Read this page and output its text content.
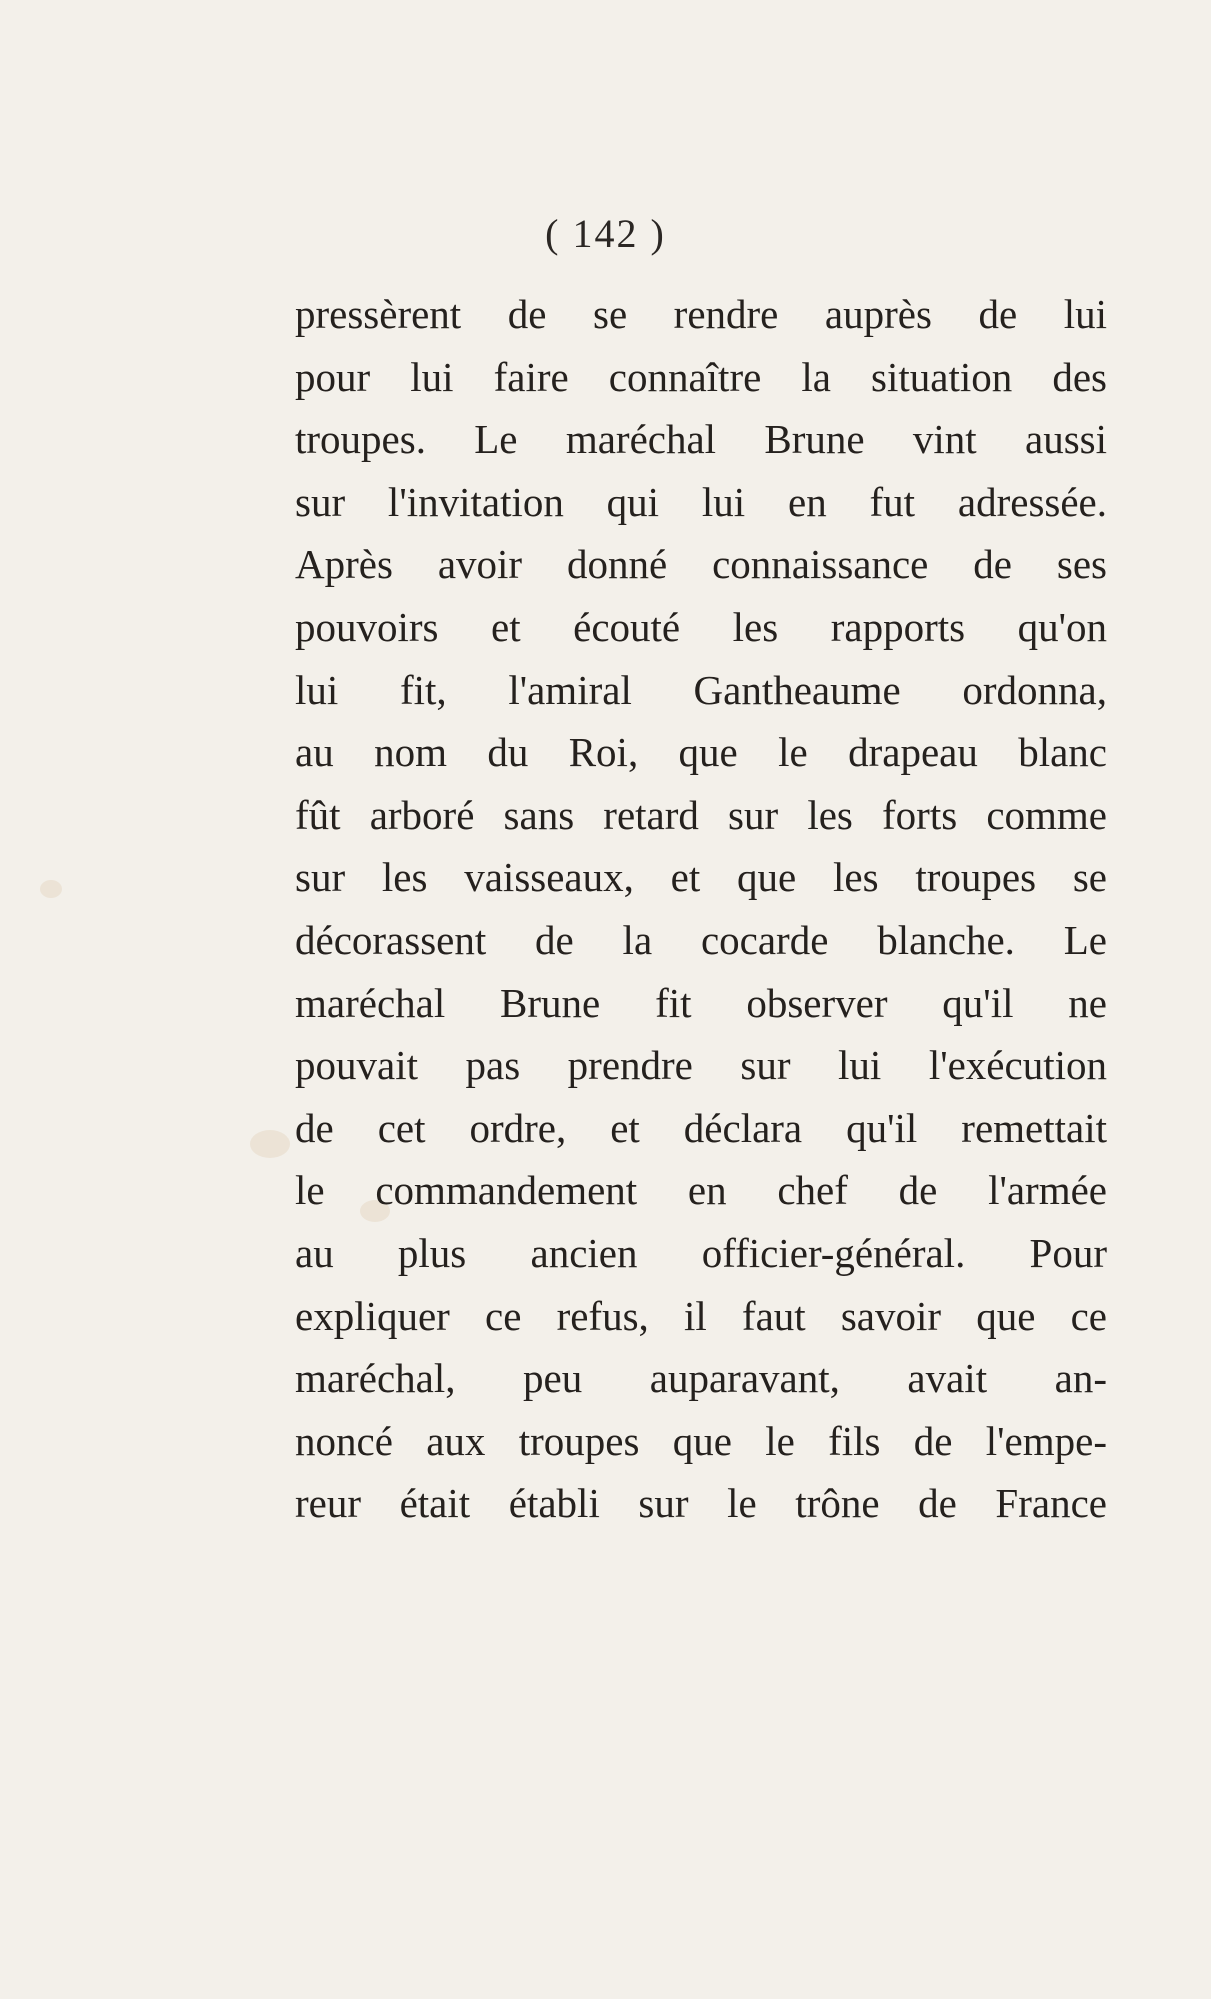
( 142 )
pressèrent de se rendre auprès de lui
pour lui faire connaître la situation des
troupes. Le maréchal Brune vint aussi
sur l'invitation qui lui en fut adressée.
Après avoir donné connaissance de ses
pouvoirs et écouté les rapports qu'on
lui fit, l'amiral Gantheaume ordonna,
au nom du Roi, que le drapeau blanc
fût arboré sans retard sur les forts comme
sur les vaisseaux, et que les troupes se
décorassent de la cocarde blanche. Le
maréchal Brune fit observer qu'il ne
pouvait pas prendre sur lui l'exécution
de cet ordre, et déclara qu'il remettait
le commandement en chef de l'armée
au plus ancien officier-général. Pour
expliquer ce refus, il faut savoir que ce
maréchal, peu auparavant, avait an-
noncé aux troupes que le fils de l'empe-
reur était établi sur le trône de France
